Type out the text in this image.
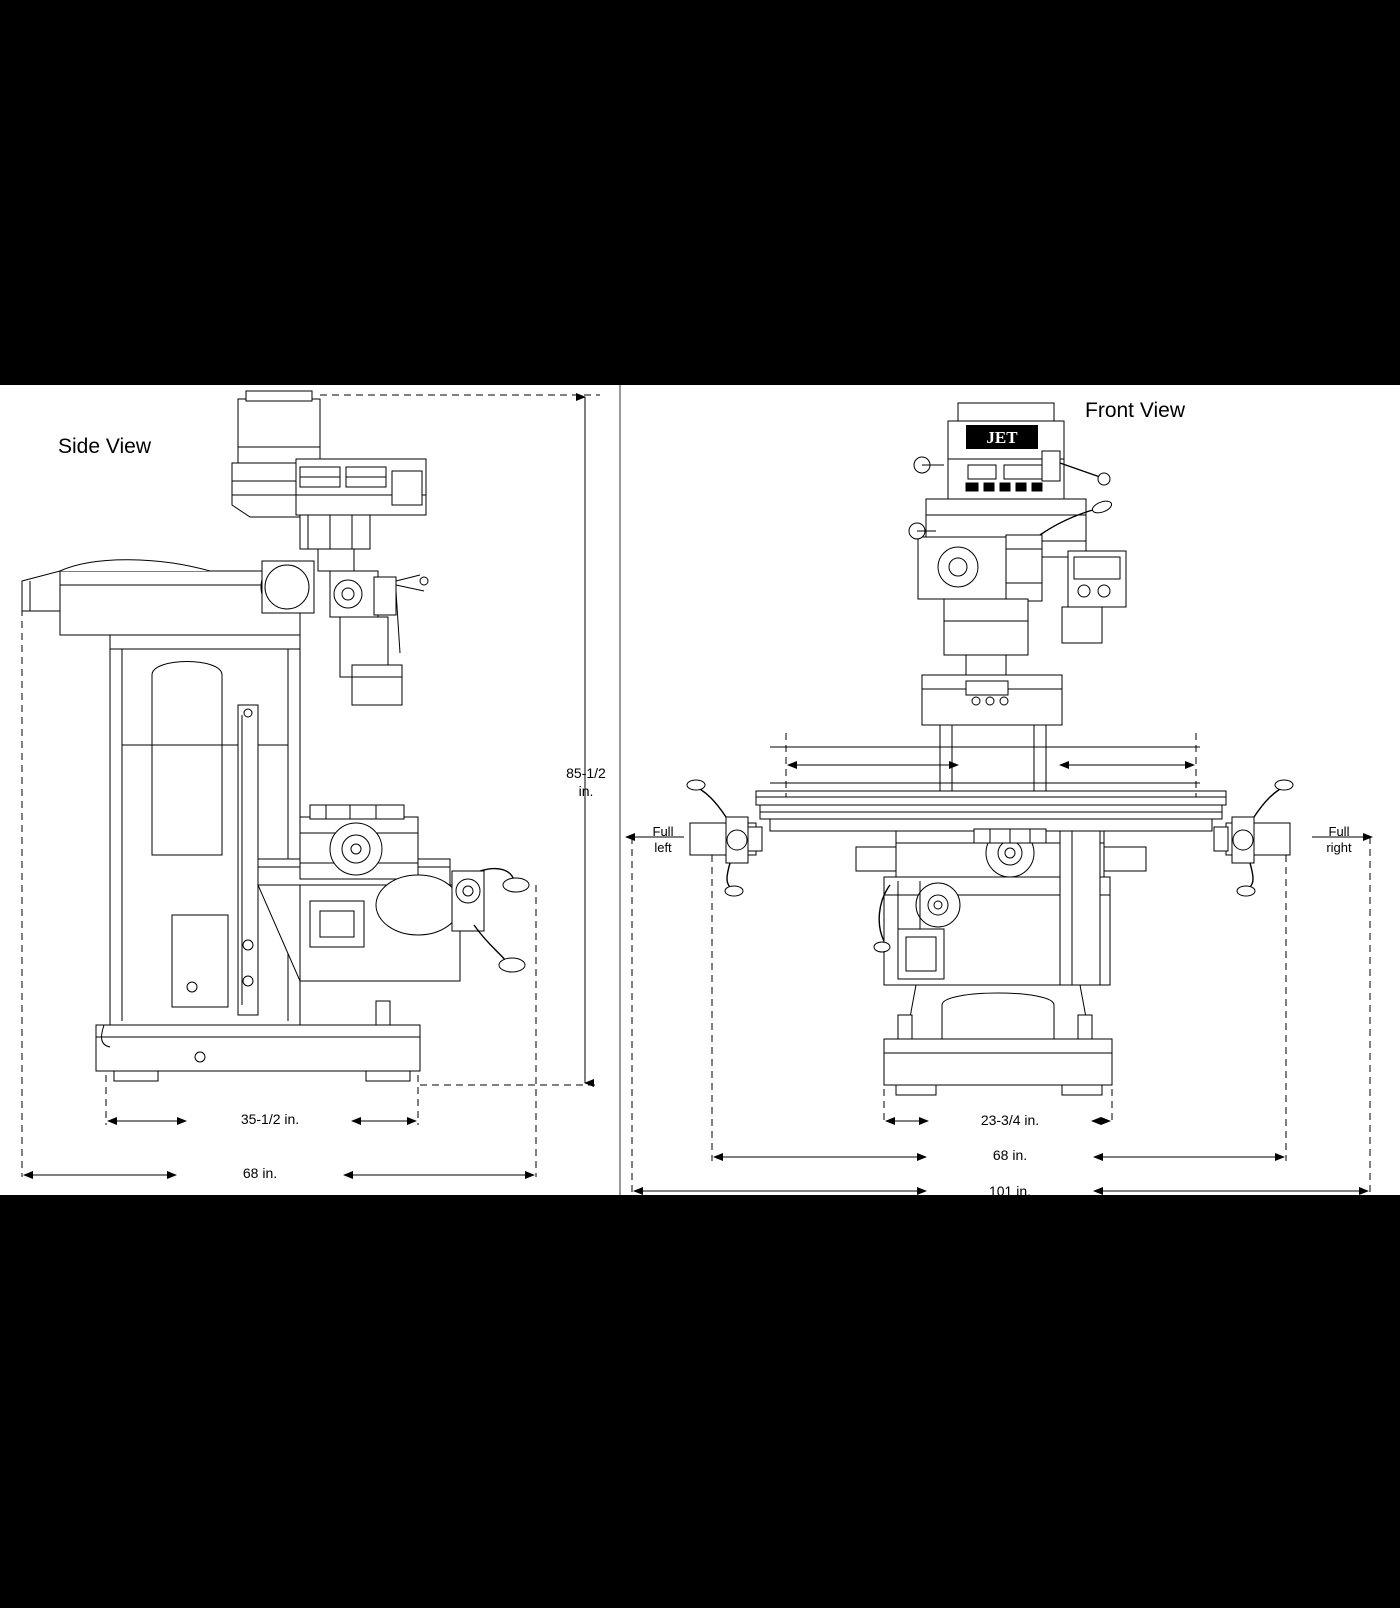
Side View
Front View
85-1/2
in.
35-1/2 in.
68 in.
23-3/4 in.
68 in.
101 in.
Full
left
Full
right
JET
